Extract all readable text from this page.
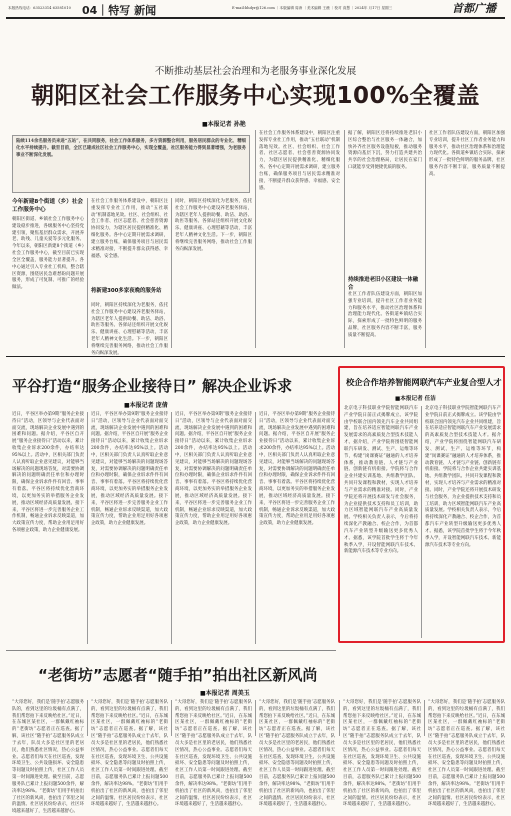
本版热线电话：63523314 63581010	04｜特写 新闻	E-mail:bhdyr@126.com ｜本版编辑 周涛 ｜美术编辑 王薇 ｜校对 高慧 ｜2024年 月17日 星期三	首都广播
不断推动基层社会治理和为老服务事业深化发展
朝阳区社会工作服务中心实现100%全覆盖
■本报记者 孙艳
陆续114余名服务员来进“五站”，在共同服务，社会工作体系服务，多方资源整合利用，服务居民群众的专业化、精细化水平持续提升。截至目前，全区已建成社区社会工作服务中心，实现全覆盖，社区服务能力得到显著增强，为老服务事业不断深化发展。
今年新建8个街道（乡）社会工作服务中心
朝阳区街道、乡镇社会工作服务中心建设稳步推进，各级服务中心坚持党建引领，聚焦基层群众需求，开展养老、助残、儿童关爱等多元化服务。今年以来，朝阳区新建8个街道（乡）社会工作服务中心，截至目前已实现全区全覆盖，服务能力显著提升。各中心通过引入专业社工机构，整合辖区资源，围绕居民急难愁盼问题开展服务，形成了可复制、可推广的经验做法。
在社会工作服务体系建设中，朝阳区注重发挥专业社工作用，推动“五社联动”机制落地见效。社区、社会组织、社会工作者、社区志愿者、社会慈善资源协同发力，为辖区居民提供精准化、精细化服务。各中心定期开展需求调研，建立服务台账，确保服务项目与居民需求精准对接，不断提升群众获得感、幸福感、安全感。
将新建300多家夜晚的服务站
同时，朝阳区持续深化为老服务，依托社会工作服务中心建设养老服务驿站，为辖区老年人提供助餐、助洁、助浴、助医等服务。各驿站还组织开展文化娱乐、健康讲座、心理慰藉等活动，丰富老年人精神文化生活。下一步，朝阳区将继续完善服务网络，推动社会工作服务向纵深发展。
同时，朝阳区持续深化为老服务，依托社会工作服务中心建设养老服务驿站，为辖区老年人提供助餐、助洁、助浴、助医等服务。各驿站还组织开展文化娱乐、健康讲座、心理慰藉等活动，丰富老年人精神文化生活。下一步，朝阳区将继续完善服务网络，推动社会工作服务向纵深发展。
在社会工作服务体系建设中，朝阳区注重发挥专业社工作用，推动“五社联动”机制落地见效。社区、社会组织、社会工作者、社区志愿者、社会慈善资源协同发力，为辖区居民提供精准化、精细化服务。各中心定期开展需求调研，建立服务台账，确保服务项目与居民需求精准对接，不断提升群众获得感、幸福感、安全感。
据了解，朝阳区还将持续推进老旧小区综合整治与社区服务一体融合，加快补齐社区服务设施短板，推动服务资源向基层下沉，努力打造共建共治共享的社会治理格局，让居民在家门口就能享受到便捷优质的服务。
持续推进老旧小区建设一体融合
社区工作者队伍建设方面，朝阳区加强专业培训，提升社区工作者业务能力和服务水平，推动社区治理体系和治理能力现代化。各街道乡镇结合实际，探索形成了一批特色鲜明的服务品牌，社区服务内容不断丰富，服务质量不断提高。
社区工作者队伍建设方面，朝阳区加强专业培训，提升社区工作者业务能力和服务水平，推动社区治理体系和治理能力现代化。各街道乡镇结合实际，探索形成了一批特色鲜明的服务品牌，社区服务内容不断丰富，服务质量不断提高。
平谷打造“服务企业接待日” 解决企业诉求
■本报记者 庞倩
近日，平谷区举办第9期“服务企业接待日”活动，区领导与企业代表面对面交流，现场解决企业发展中遇到的困难和问题。据介绍，平谷区自开展“服务企业接待日”活动以来，累计收集企业诉求200余件，办结率达95%以上。活动中，区相关部门负责人认真听取企业意见建议，对能够当场解决的问题现场答复，对需要协调解决的问题明确责任单位和办理时限，确保企业诉求件件有回音、事事有着落。平谷区将持续优化营商环境，以更加务实的举措服务企业发展，推动区域经济高质量发展。接下来，平谷区将进一步完善服务企业工作机制，畅通企业诉求反映渠道，加大政策宣传力度，帮助企业用足用好各项惠企政策，助力企业健康发展。
近日，平谷区举办第9期“服务企业接待日”活动，区领导与企业代表面对面交流，现场解决企业发展中遇到的困难和问题。据介绍，平谷区自开展“服务企业接待日”活动以来，累计收集企业诉求200余件，办结率达95%以上。活动中，区相关部门负责人认真听取企业意见建议，对能够当场解决的问题现场答复，对需要协调解决的问题明确责任单位和办理时限，确保企业诉求件件有回音、事事有着落。平谷区将持续优化营商环境，以更加务实的举措服务企业发展，推动区域经济高质量发展。接下来，平谷区将进一步完善服务企业工作机制，畅通企业诉求反映渠道，加大政策宣传力度，帮助企业用足用好各项惠企政策，助力企业健康发展。
近日，平谷区举办第9期“服务企业接待日”活动，区领导与企业代表面对面交流，现场解决企业发展中遇到的困难和问题。据介绍，平谷区自开展“服务企业接待日”活动以来，累计收集企业诉求200余件，办结率达95%以上。活动中，区相关部门负责人认真听取企业意见建议，对能够当场解决的问题现场答复，对需要协调解决的问题明确责任单位和办理时限，确保企业诉求件件有回音、事事有着落。平谷区将持续优化营商环境，以更加务实的举措服务企业发展，推动区域经济高质量发展。接下来，平谷区将进一步完善服务企业工作机制，畅通企业诉求反映渠道，加大政策宣传力度，帮助企业用足用好各项惠企政策，助力企业健康发展。
近日，平谷区举办第9期“服务企业接待日”活动，区领导与企业代表面对面交流，现场解决企业发展中遇到的困难和问题。据介绍，平谷区自开展“服务企业接待日”活动以来，累计收集企业诉求200余件，办结率达95%以上。活动中，区相关部门负责人认真听取企业意见建议，对能够当场解决的问题现场答复，对需要协调解决的问题明确责任单位和办理时限，确保企业诉求件件有回音、事事有着落。平谷区将持续优化营商环境，以更加务实的举措服务企业发展，推动区域经济高质量发展。接下来，平谷区将进一步完善服务企业工作机制，畅通企业诉求反映渠道，加大政策宣传力度，帮助企业用足用好各项惠企政策，助力企业健康发展。
“老街坊”志愿者“随手拍”拍出社区新风尚
■本报记者 周美玉
“大哥您好，我们是‘随手拍’志愿服务队的，看到这里的垃圾桶有点满了，我们帮您拍下来反映给社区。”近日，在东城区某社区，一群佩戴红袖标的“老街坊”志愿者正在巡查。据了解，该社区“随手拍”志愿服务队成立于去年，队员大多是社区里的老居民，他们熟悉社区情况，热心公益事业。志愿者们每天在社区巡查，发现环境卫生、公共设施损坏、安全隐患等问题及时拍照上传，社区工作人员第一时间跟进处理。截至目前，志愿服务队已累计上报问题500余件，解决率达98%。“老街坊”们用手机拍出了社区的新风尚，也拍出了邻里之间的温情。社区居民纷纷表示，社区环境越来越好了，生活越来越舒心。
“大哥您好，我们是‘随手拍’志愿服务队的，看到这里的垃圾桶有点满了，我们帮您拍下来反映给社区。”近日，在东城区某社区，一群佩戴红袖标的“老街坊”志愿者正在巡查。据了解，该社区“随手拍”志愿服务队成立于去年，队员大多是社区里的老居民，他们熟悉社区情况，热心公益事业。志愿者们每天在社区巡查，发现环境卫生、公共设施损坏、安全隐患等问题及时拍照上传，社区工作人员第一时间跟进处理。截至目前，志愿服务队已累计上报问题500余件，解决率达98%。“老街坊”们用手机拍出了社区的新风尚，也拍出了邻里之间的温情。社区居民纷纷表示，社区环境越来越好了，生活越来越舒心。
“大哥您好，我们是‘随手拍’志愿服务队的，看到这里的垃圾桶有点满了，我们帮您拍下来反映给社区。”近日，在东城区某社区，一群佩戴红袖标的“老街坊”志愿者正在巡查。据了解，该社区“随手拍”志愿服务队成立于去年，队员大多是社区里的老居民，他们熟悉社区情况，热心公益事业。志愿者们每天在社区巡查，发现环境卫生、公共设施损坏、安全隐患等问题及时拍照上传，社区工作人员第一时间跟进处理。截至目前，志愿服务队已累计上报问题500余件，解决率达98%。“老街坊”们用手机拍出了社区的新风尚，也拍出了邻里之间的温情。社区居民纷纷表示，社区环境越来越好了，生活越来越舒心。
“大哥您好，我们是‘随手拍’志愿服务队的，看到这里的垃圾桶有点满了，我们帮您拍下来反映给社区。”近日，在东城区某社区，一群佩戴红袖标的“老街坊”志愿者正在巡查。据了解，该社区“随手拍”志愿服务队成立于去年，队员大多是社区里的老居民，他们熟悉社区情况，热心公益事业。志愿者们每天在社区巡查，发现环境卫生、公共设施损坏、安全隐患等问题及时拍照上传，社区工作人员第一时间跟进处理。截至目前，志愿服务队已累计上报问题500余件，解决率达98%。“老街坊”们用手机拍出了社区的新风尚，也拍出了邻里之间的温情。社区居民纷纷表示，社区环境越来越好了，生活越来越舒心。
“大哥您好，我们是‘随手拍’志愿服务队的，看到这里的垃圾桶有点满了，我们帮您拍下来反映给社区。”近日，在东城区某社区，一群佩戴红袖标的“老街坊”志愿者正在巡查。据了解，该社区“随手拍”志愿服务队成立于去年，队员大多是社区里的老居民，他们熟悉社区情况，热心公益事业。志愿者们每天在社区巡查，发现环境卫生、公共设施损坏、安全隐患等问题及时拍照上传，社区工作人员第一时间跟进处理。截至目前，志愿服务队已累计上报问题500余件，解决率达98%。“老街坊”们用手机拍出了社区的新风尚，也拍出了邻里之间的温情。社区居民纷纷表示，社区环境越来越好了，生活越来越舒心。
“大哥您好，我们是‘随手拍’志愿服务队的，看到这里的垃圾桶有点满了，我们帮您拍下来反映给社区。”近日，在东城区某社区，一群佩戴红袖标的“老街坊”志愿者正在巡查。据了解，该社区“随手拍”志愿服务队成立于去年，队员大多是社区里的老居民，他们熟悉社区情况，热心公益事业。志愿者们每天在社区巡查，发现环境卫生、公共设施损坏、安全隐患等问题及时拍照上传，社区工作人员第一时间跟进处理。截至目前，志愿服务队已累计上报问题500余件，解决率达98%。“老街坊”们用手机拍出了社区的新风尚，也拍出了邻里之间的温情。社区居民纷纷表示，社区环境越来越好了，生活越来越舒心。
校企合作培养智能网联汽车产业复合型人才
■本报记者 任洁
北京电子科技职业学院智能网联汽车产业学院日前正式揭牌成立。该学院由学校联合国内领先汽车企业共同组建，旨在培养适应智能网联汽车产业发展需求的高素质复合型技术技能人才。据介绍，产业学院将围绕智能网联汽车研发、测试、生产、运维等环节，构建“岗课赛证”融通的人才培养体系，推动教育链、人才链与产业链、创新链有机衔接。学院将与合作企业共建实训基地、共组教学团队、共同开发课程和教材，实现人才培养与产业需求的精准对接。同时，产业学院还将开展技术研发与社会服务，为企业提供技术支持和员工培训，助力区域智能网联汽车产业高质量发展。学校相关负责人表示，今后将持续深化产教融合、校企合作，为首都汽车产业转型升级输送更多优秀人才。据悉，该学院首批学生将于今年秋季入学，开设智能网联汽车技术、新能源汽车技术等专业方向。
北京电子科技职业学院智能网联汽车产业学院日前正式揭牌成立。该学院由学校联合国内领先汽车企业共同组建，旨在培养适应智能网联汽车产业发展需求的高素质复合型技术技能人才。据介绍，产业学院将围绕智能网联汽车研发、测试、生产、运维等环节，构建“岗课赛证”融通的人才培养体系，推动教育链、人才链与产业链、创新链有机衔接。学院将与合作企业共建实训基地、共组教学团队、共同开发课程和教材，实现人才培养与产业需求的精准对接。同时，产业学院还将开展技术研发与社会服务，为企业提供技术支持和员工培训，助力区域智能网联汽车产业高质量发展。学校相关负责人表示，今后将持续深化产教融合、校企合作，为首都汽车产业转型升级输送更多优秀人才。据悉，该学院首批学生将于今年秋季入学，开设智能网联汽车技术、新能源汽车技术等专业方向。
